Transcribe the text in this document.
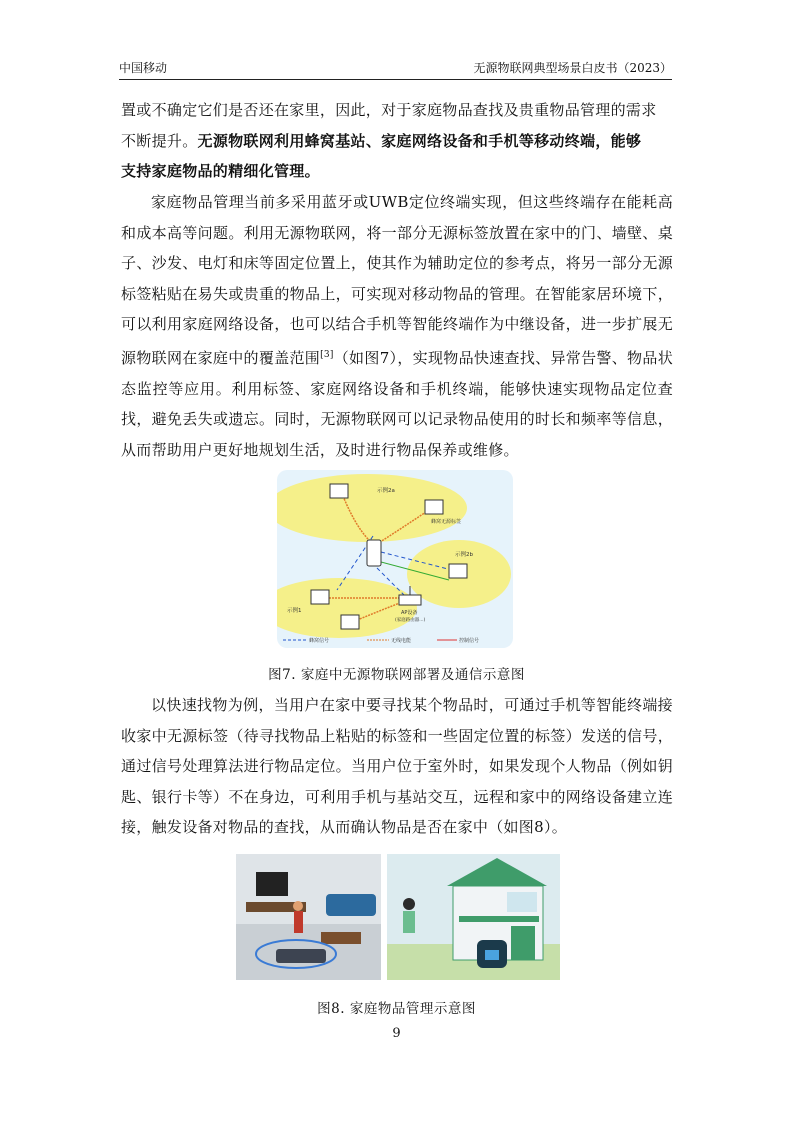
中国移动	无源物联网典型场景白皮书（2023）

置或不确定它们是否还在家里，因此，对于家庭物品查找及贵重物品管理的需求

不断提升。无源物联网利用蜂窝基站、家庭网络设备和手机等移动终端，能够

支持家庭物品的精细化管理。

家庭物品管理当前多采用蓝牙或UWB定位终端实现，但这些终端存在能耗高和成本高等问题。利用无源物联网，将一部分无源标签放置在家中的门、墙壁、桌子、沙发、电灯和床等固定位置上，使其作为辅助定位的参考点，将另一部分无源标签粘贴在易失或贵重的物品上，可实现对移动物品的管理。在智能家居环境下，可以利用家庭网络设备，也可以结合手机等智能终端作为中继设备，进一步扩展无源物联网在家庭中的覆盖范围[3]（如图7），实现物品快速查找、异常告警、物品状态监控等应用。利用标签、家庭网络设备和手机终端，能够快速实现物品定位查找，避免丢失或遗忘。同时，无源物联网可以记录物品使用的时长和频率等信息，从而帮助用户更好地规划生活，及时进行物品保养或维修。
示例2a
蜂窝无源标签
示例2b
示例1	AP设备
(家庭路由器...)
蜂窝信号	无线电能	控制信号
图7. 家庭中无源物联网部署及通信示意图
以快速找物为例，当用户在家中要寻找某个物品时，可通过手机等智能终端接收家中无源标签（待寻找物品上粘贴的标签和一些固定位置的标签）发送的信号，通过信号处理算法进行物品定位。当用户位于室外时，如果发现个人物品（例如钥匙、银行卡等）不在身边，可利用手机与基站交互，远程和家中的网络设备建立连接，触发设备对物品的查找，从而确认物品是否在家中（如图8）。
图8. 家庭物品管理示意图
9
